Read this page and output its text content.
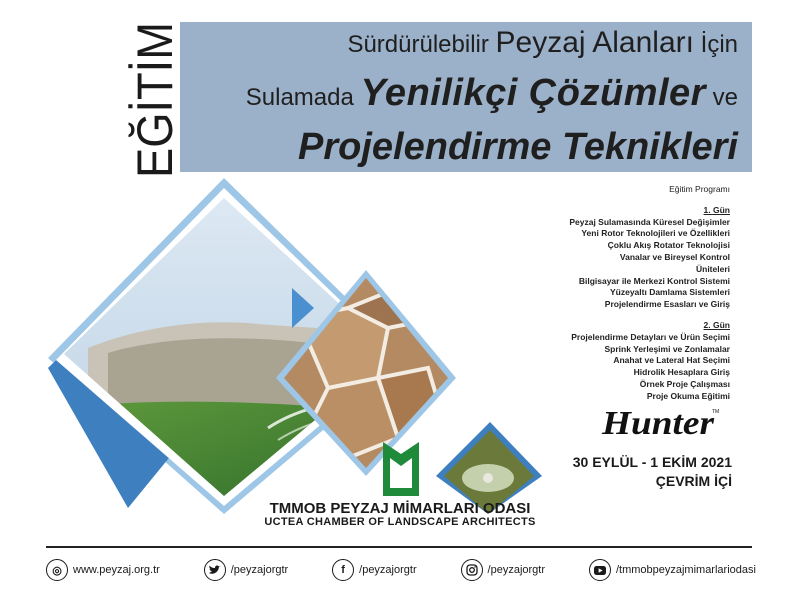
EĞİTİM	Sürdürülebilir Peyzaj Alanları İçin
Sulamada Yenilikçi Çözümler ve
Projelendirme Teknikleri
Eğitim Programı
1. Gün
Peyzaj Sulamasında Küresel Değişimler
Yeni Rotor Teknolojileri ve Özellikleri
Çoklu Akış Rotator Teknolojisi
Vanalar ve Bireysel Kontrol
Üniteleri
Bilgisayar ile Merkezi Kontrol Sistemi
Yüzeyaltı Damlama Sistemleri
Projelendirme Esasları ve Giriş
2. Gün
Projelendirme Detayları ve Ürün Seçimi
Sprink Yerleşimi ve Zonlamalar
Anahat ve Lateral Hat Seçimi
Hidrolik Hesaplara Giriş
Örnek Proje Çalışması
Proje Okuma Eğitimi
Hunter
TM
30 EYLÜL - 1 EKİM 2021
ÇEVRİM İÇİ
TMMOB PEYZAJ MİMARLARI ODASI
UCTEA CHAMBER OF LANDSCAPE ARCHITECTS
◎	www.peyzaj.org.tr	/peyzajorgtr	f	/peyzajorgtr	/peyzajorgtr	/tmmobpeyzajmimarlariodasi
